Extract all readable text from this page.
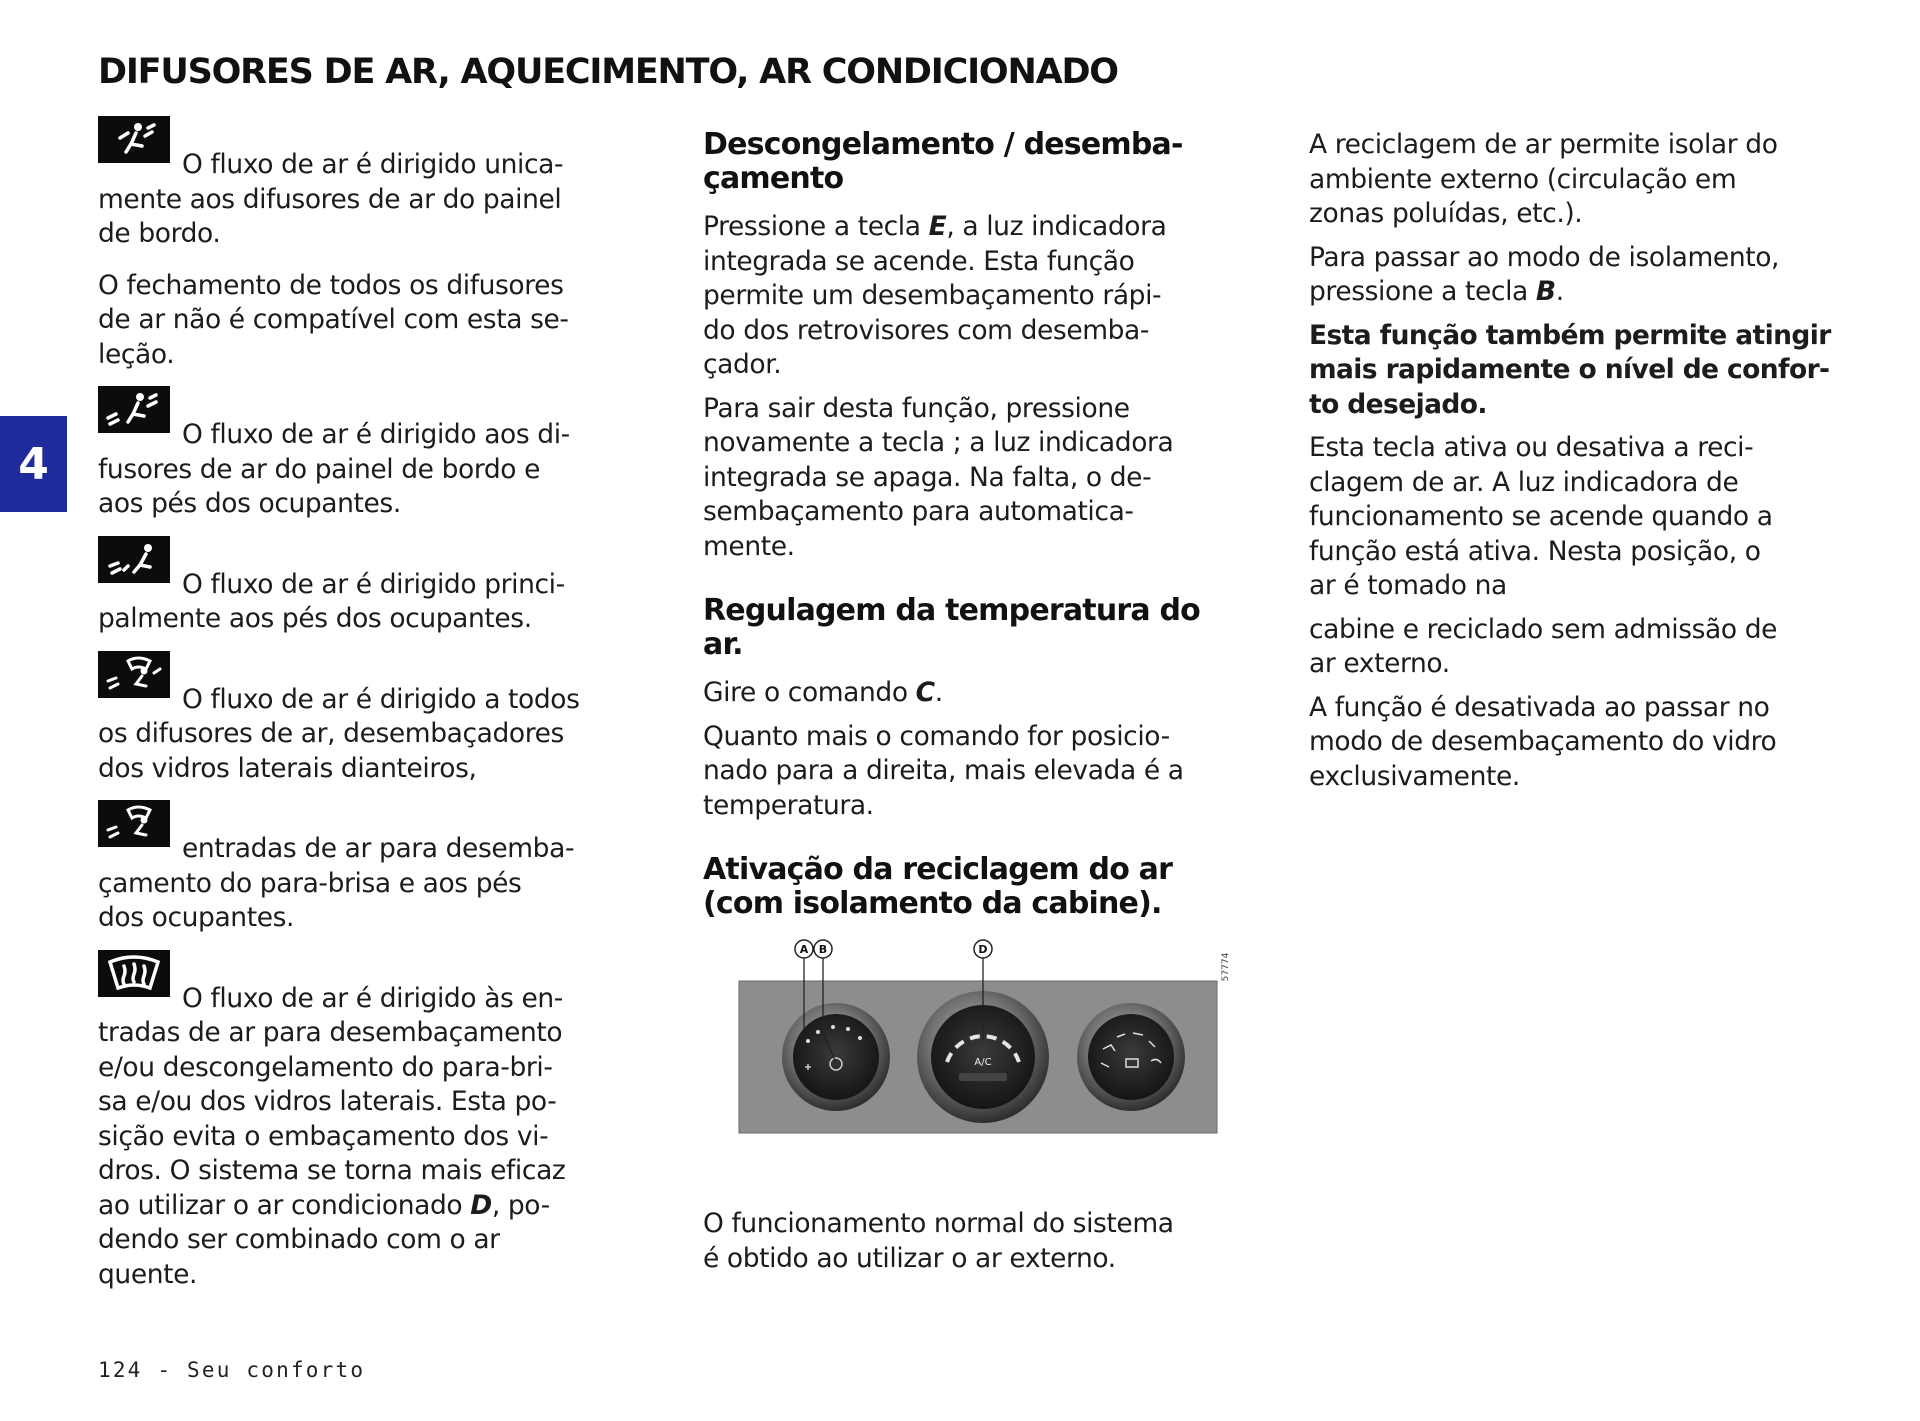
DIFUSORES DE AR, AQUECIMENTO, AR CONDICIONADO
4

O fluxo de ar é dirigido unica-
mente aos difusores de ar do painel
de bordo.

O fechamento de todos os difusores
de ar não é compatível com esta se-
leção.

O fluxo de ar é dirigido aos di-
fusores de ar do painel de bordo e
aos pés dos ocupantes.

O fluxo de ar é dirigido princi-
palmente aos pés dos ocupantes.

O fluxo de ar é dirigido a todos
os difusores de ar, desembaçadores
dos vidros laterais dianteiros,

entradas de ar para desemba-
çamento do para-brisa e aos pés
dos ocupantes.

O fluxo de ar é dirigido às en-
tradas de ar para desembaçamento
e/ou descongelamento do para-bri-
sa e/ou dos vidros laterais. Esta po-
sição evita o embaçamento dos vi-
dros. O sistema se torna mais eficaz
ao utilizar o ar condicionado D, po-
dendo ser combinado com o ar
quente.

Descongelamento / desemba-
çamento

Pressione a tecla E, a luz indicadora
integrada se acende. Esta função
permite um desembaçamento rápi-
do dos retrovisores com desemba-
çador.

Para sair desta função, pressione
novamente a tecla ; a luz indicadora
integrada se apaga. Na falta, o de-
sembaçamento para automatica-
mente.

Regulagem da temperatura do
ar.

Gire o comando C.

Quanto mais o comando for posicio-
nado para a direita, mais elevada é a
temperatura.

Ativação da reciclagem do ar
(com isolamento da cabine).
A/C
A B	D
57774

O funcionamento normal do sistema
é obtido ao utilizar o ar externo.

A reciclagem de ar permite isolar do
ambiente externo (circulação em
zonas poluídas, etc.).

Para passar ao modo de isolamento,
pressione a tecla B.

Esta função também permite atingir
mais rapidamente o nível de confor-
to desejado.

Esta tecla ativa ou desativa a reci-
clagem de ar. A luz indicadora de
funcionamento se acende quando a
função está ativa. Nesta posição, o
ar é tomado na

cabine e reciclado sem admissão de
ar externo.

A função é desativada ao passar no
modo de desembaçamento do vidro
exclusivamente.

124 - Seu conforto
